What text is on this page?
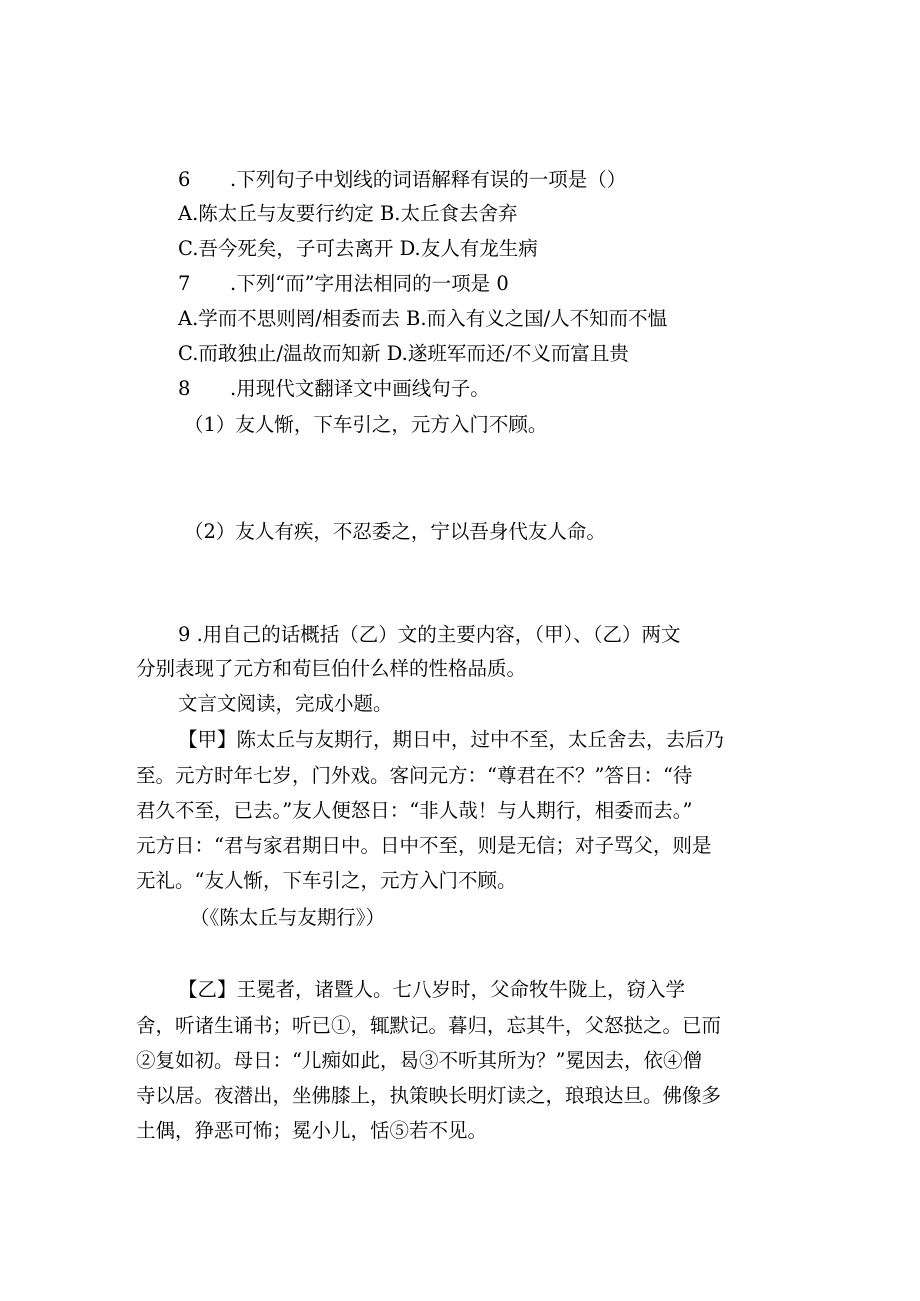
6 .下列句子中划线的词语解释有误的一项是（）
A.陈太丘与友要行约定 B.太丘食去舍弃
C.吾今死矣，子可去离开 D.友人有龙生病
7 .下列“而”字用法相同的一项是 0
A.学而不思则罔/相委而去 B.而入有义之国/人不知而不愠
C.而敢独止/温故而知新 D.遂班军而还/不义而富且贵
8 .用现代文翻译文中画线句子。
（1）友人惭，下车引之，元方入门不顾。
（2）友人有疾，不忍委之，宁以吾身代友人命。
9 .用自己的话概括（乙）文的主要内容，（甲）、（乙）两文
分别表现了元方和荀巨伯什么样的性格品质。
文言文阅读，完成小题。
【甲】陈太丘与友期行，期日中，过中不至，太丘舍去，去后乃
至。元方时年七岁，门外戏。客问元方：“尊君在不？”答日：“待
君久不至，已去。”友人便怒日：“非人哉！与人期行，相委而去。”
元方日：“君与家君期日中。日中不至，则是无信；对子骂父，则是
无礼。“友人惭，下车引之，元方入门不顾。
（《陈太丘与友期行》）
【乙】王冕者，诸暨人。七八岁时，父命牧牛陇上，窃入学
舍，听诸生诵书；听已①，辄默记。暮归，忘其牛，父怒挞之。已而
②复如初。母日：“儿痴如此，曷③不听其所为？”冕因去，依④僧
寺以居。夜潜出，坐佛膝上，执策映长明灯读之，琅琅达旦。佛像多
土偶，狰恶可怖；冕小儿，恬⑤若不见。
